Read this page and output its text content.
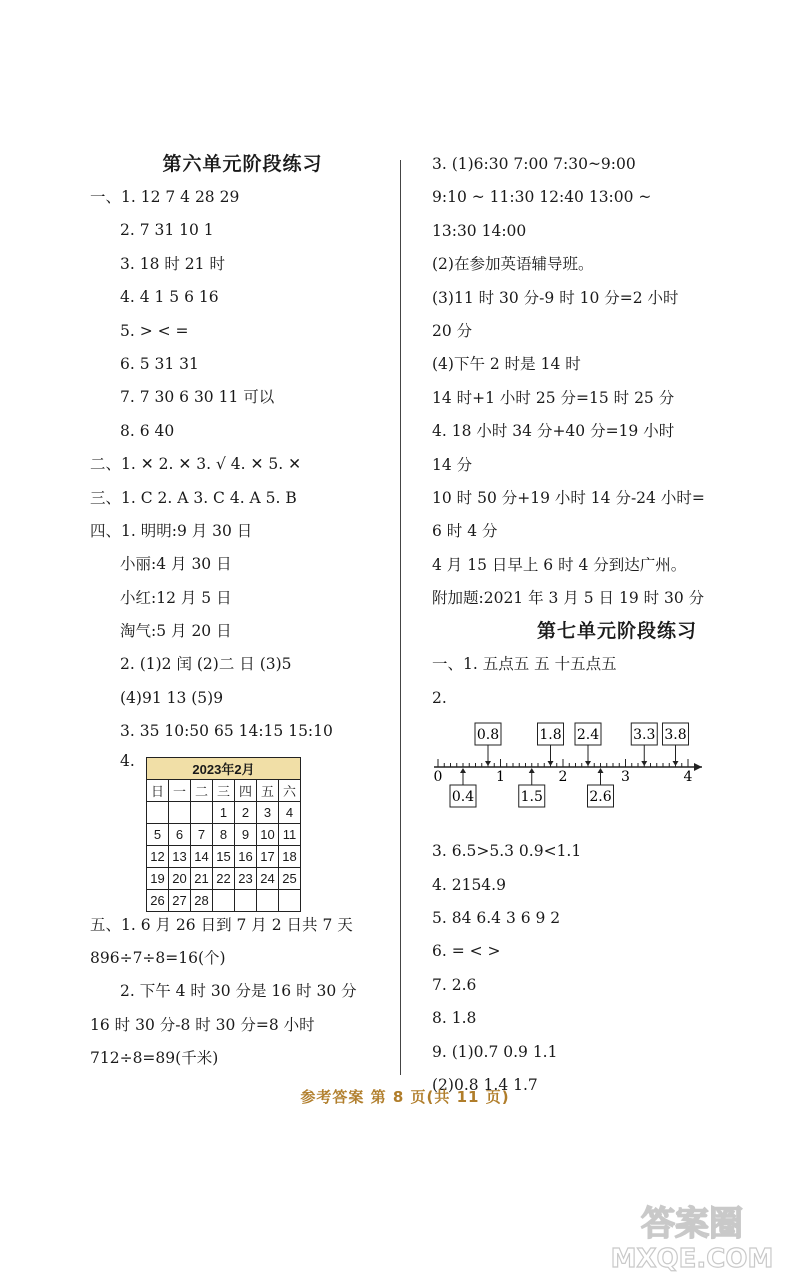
第六单元阶段练习
一、1. 12 7 4 28 29
2. 7 31 10 1
3. 18 时 21 时
4. 4 1 5 6 16
5. > < =
6. 5 31 31
7. 7 30 6 30 11 可以
8. 6 40
二、1. ✕ 2. ✕ 3. √ 4. ✕ 5. ✕
三、1. C 2. A 3. C 4. A 5. B
四、1. 明明:9 月 30 日
小丽:4 月 30 日
小红:12 月 5 日
淘气:5 月 20 日
2. (1)2 闰 (2)二 日 (3)5
(4)91 13 (5)9
3. 35 10:50 65 14:15 15:10
4.	2023年2月						
日	一	二	三	四	五	六
			1	2	3	4
5	6	7	8	9	10	11
12	13	14	15	16	17	18
19	20	21	22	23	24	25
26	27	28				
五、1. 6 月 26 日到 7 月 2 日共 7 天
896÷7÷8=16(个)
2. 下午 4 时 30 分是 16 时 30 分
16 时 30 分-8 时 30 分=8 小时
712÷8=89(千米)
3. (1)6:30 7:00 7:30~9:00
9:10 ~ 11:30 12:40 13:00 ~
13:30 14:00
(2)在参加英语辅导班。
(3)11 时 30 分-9 时 10 分=2 小时
20 分
(4)下午 2 时是 14 时
14 时+1 小时 25 分=15 时 25 分
4. 18 小时 34 分+40 分=19 小时
14 分
10 时 50 分+19 小时 14 分-24 小时=
6 时 4 分
4 月 15 日早上 6 时 4 分到达广州。
附加题:2021 年 3 月 5 日 19 时 30 分
第七单元阶段练习
一、1. 五点五 五 十五点五
2.
0	1	2	3	4
0.8	1.8 2.4 3.3 3.8
0.4	1.5	2.6
3. 6.5>5.3 0.9<1.1
4. 2154.9
5. 84 6.4 3 6 9 2
6. = < >
7. 2.6
8. 1.8
9. (1)0.7 0.9 1.1
(2)0.8 1.4 1.7
参考答案 第 8 页(共 11 页)
答案圈
MXQE.COM
